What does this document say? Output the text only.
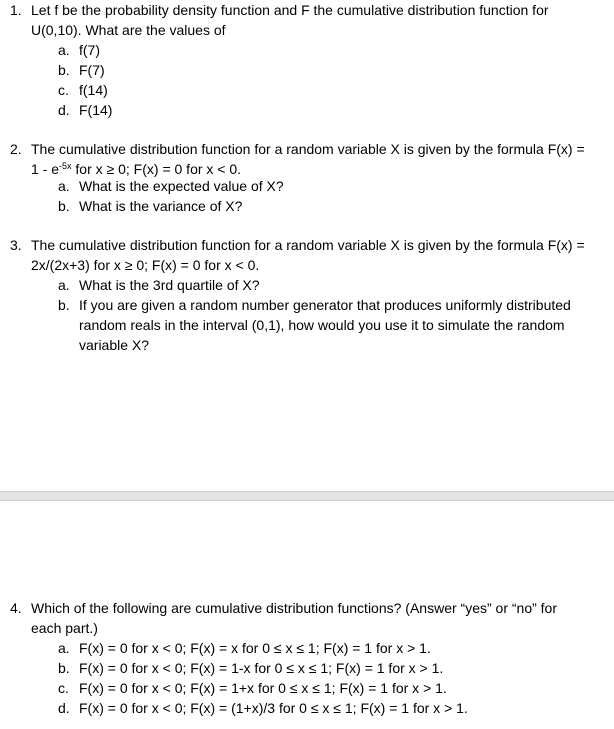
1. Let f be the probability density function and F the cumulative distribution function for
U(0,10). What are the values of
a. f(7)
b. F(7)
c. f(14)
d. F(14)
2. The cumulative distribution function for a random variable X is given by the formula F(x) =
$1 - e^{-5x}$ for x ≥ 0; F(x) = 0 for x < 0.
a. What is the expected value of X?
b. What is the variance of X?
3. The cumulative distribution function for a random variable X is given by the formula F(x) =
2x/(2x+3) for x ≥ 0; F(x) = 0 for x < 0.
a. What is the 3rd quartile of X?
b. If you are given a random number generator that produces uniformly distributed random reals in the interval (0,1), how would you use it to simulate the random variable X?
4. Which of the following are cumulative distribution functions? (Answer “yes” or “no” for
each part.)
a. F(x) = 0 for x < 0; F(x) = x for 0 ≤ x ≤ 1; F(x) = 1 for x > 1.
b. F(x) = 0 for x < 0; F(x) = 1-x for 0 ≤ x ≤ 1; F(x) = 1 for x > 1.
c. F(x) = 0 for x < 0; F(x) = 1+x for 0 ≤ x ≤ 1; F(x) = 1 for x > 1.
d. F(x) = 0 for x < 0; F(x) = (1+x)/3 for 0 ≤ x ≤ 1; F(x) = 1 for x > 1.
